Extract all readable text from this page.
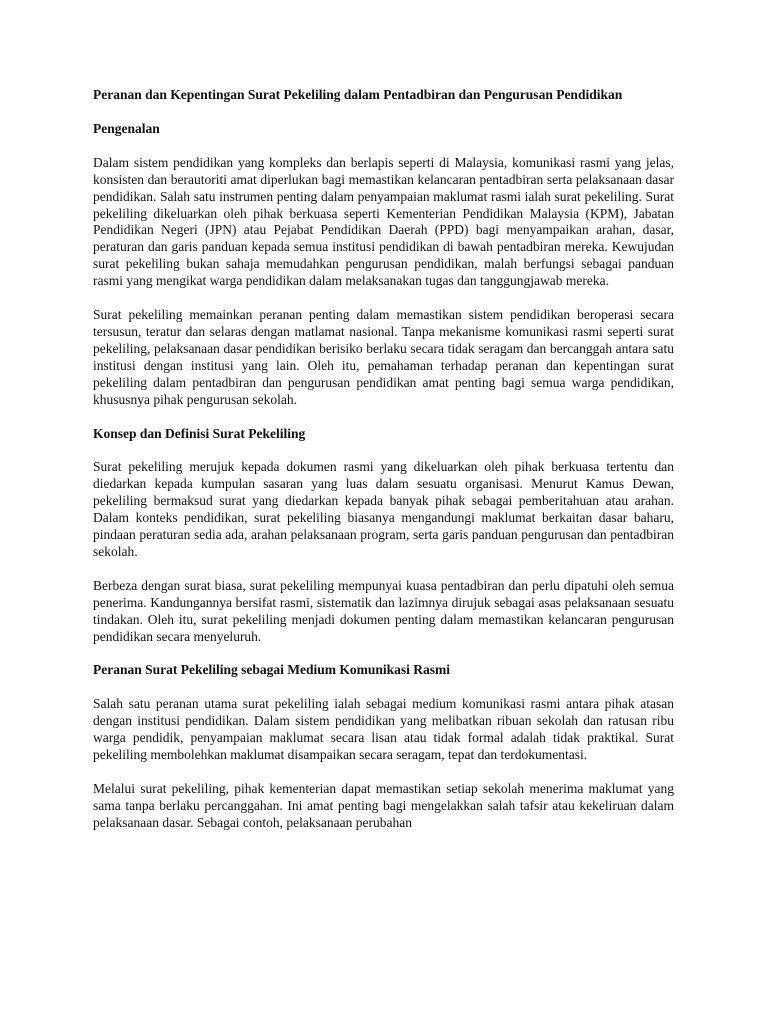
Peranan dan Kepentingan Surat Pekeliling dalam Pentadbiran dan Pengurusan Pendidikan
Pengenalan
Dalam sistem pendidikan yang kompleks dan berlapis seperti di Malaysia, komunikasi rasmi yang jelas, konsisten dan berautoriti amat diperlukan bagi memastikan kelancaran pentadbiran serta pelaksanaan dasar pendidikan. Salah satu instrumen penting dalam penyampaian maklumat rasmi ialah surat pekeliling. Surat pekeliling dikeluarkan oleh pihak berkuasa seperti Kementerian Pendidikan Malaysia (KPM), Jabatan Pendidikan Negeri (JPN) atau Pejabat Pendidikan Daerah (PPD) bagi menyampaikan arahan, dasar, peraturan dan garis panduan kepada semua institusi pendidikan di bawah pentadbiran mereka. Kewujudan surat pekeliling bukan sahaja memudahkan pengurusan pendidikan, malah berfungsi sebagai panduan rasmi yang mengikat warga pendidikan dalam melaksanakan tugas dan tanggungjawab mereka.
Surat pekeliling memainkan peranan penting dalam memastikan sistem pendidikan beroperasi secara tersusun, teratur dan selaras dengan matlamat nasional. Tanpa mekanisme komunikasi rasmi seperti surat pekeliling, pelaksanaan dasar pendidikan berisiko berlaku secara tidak seragam dan bercanggah antara satu institusi dengan institusi yang lain. Oleh itu, pemahaman terhadap peranan dan kepentingan surat pekeliling dalam pentadbiran dan pengurusan pendidikan amat penting bagi semua warga pendidikan, khususnya pihak pengurusan sekolah.
Konsep dan Definisi Surat Pekeliling
Surat pekeliling merujuk kepada dokumen rasmi yang dikeluarkan oleh pihak berkuasa tertentu dan diedarkan kepada kumpulan sasaran yang luas dalam sesuatu organisasi. Menurut Kamus Dewan, pekeliling bermaksud surat yang diedarkan kepada banyak pihak sebagai pemberitahuan atau arahan. Dalam konteks pendidikan, surat pekeliling biasanya mengandungi maklumat berkaitan dasar baharu, pindaan peraturan sedia ada, arahan pelaksanaan program, serta garis panduan pengurusan dan pentadbiran sekolah.
Berbeza dengan surat biasa, surat pekeliling mempunyai kuasa pentadbiran dan perlu dipatuhi oleh semua penerima. Kandungannya bersifat rasmi, sistematik dan lazimnya dirujuk sebagai asas pelaksanaan sesuatu tindakan. Oleh itu, surat pekeliling menjadi dokumen penting dalam memastikan kelancaran pengurusan pendidikan secara menyeluruh.
Peranan Surat Pekeliling sebagai Medium Komunikasi Rasmi
Salah satu peranan utama surat pekeliling ialah sebagai medium komunikasi rasmi antara pihak atasan dengan institusi pendidikan. Dalam sistem pendidikan yang melibatkan ribuan sekolah dan ratusan ribu warga pendidik, penyampaian maklumat secara lisan atau tidak formal adalah tidak praktikal. Surat pekeliling membolehkan maklumat disampaikan secara seragam, tepat dan terdokumentasi.
Melalui surat pekeliling, pihak kementerian dapat memastikan setiap sekolah menerima maklumat yang sama tanpa berlaku percanggahan. Ini amat penting bagi mengelakkan salah tafsir atau kekeliruan dalam pelaksanaan dasar. Sebagai contoh, pelaksanaan perubahan
